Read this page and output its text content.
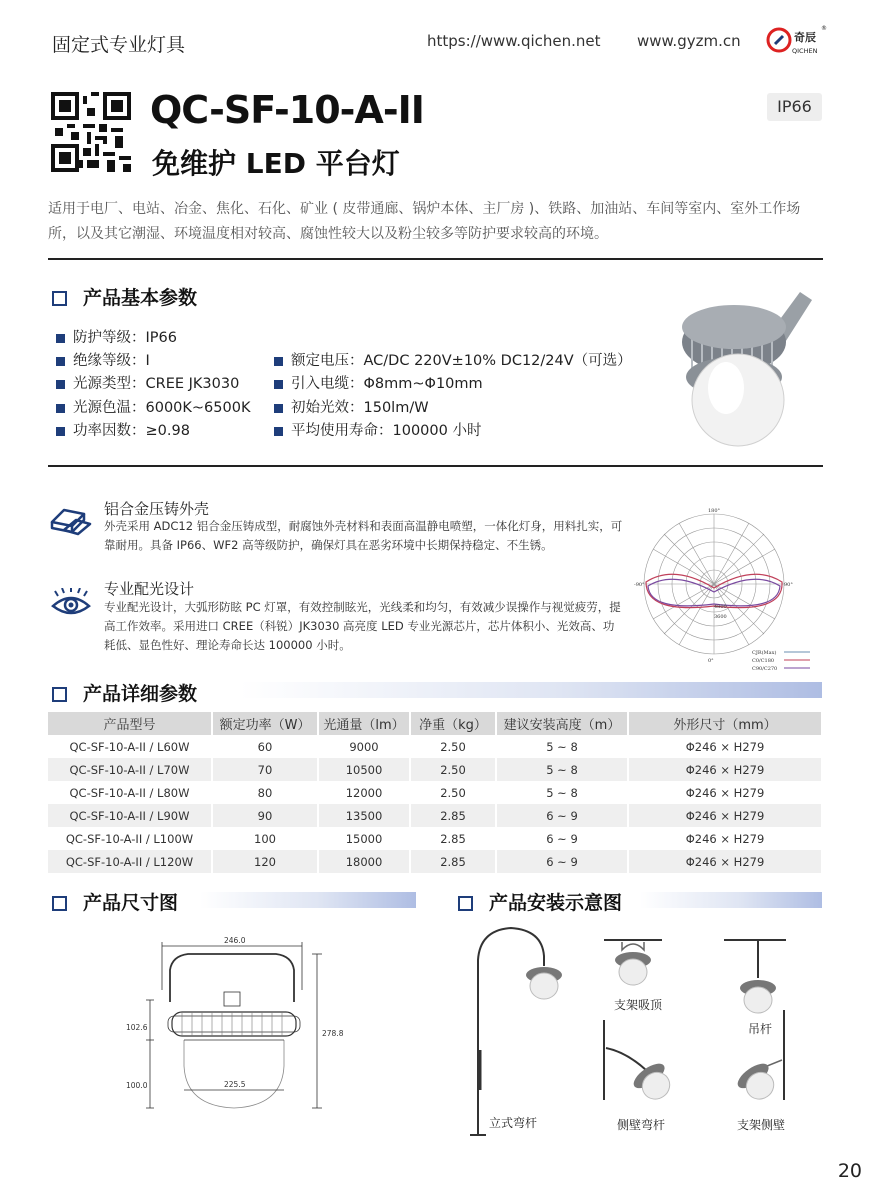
固定式专业灯具	https://www.qichen.net www.gyzm.cn	奇辰
QICHEN
®
QC-SF-10-A-II
免维护 LED 平台灯
IP66
适用于电厂、电站、冶金、焦化、石化、矿业 ( 皮带通廊、锅炉本体、主厂房 )、铁路、加油站、车间等室内、室外工作场所，以及其它潮湿、环境温度相对较高、腐蚀性较大以及粉尘较多等防护要求较高的环境。
产品基本参数
防护等级：IP66
绝缘等级：I
光源类型：CREE JK3030
光源色温：6000K~6500K
功率因数：≥0.98
额定电压：AC/DC 220V±10% DC12/24V（可选）
引入电缆：Φ8mm~Φ10mm
初始光效：150lm/W
平均使用寿命：100000 小时
铝合金压铸外壳
外壳采用 ADC12 铝合金压铸成型，耐腐蚀外壳材料和表面高温静电喷塑，一体化灯身，用料扎实，可靠耐用。具备 IP66、WF2 高等级防护，确保灯具在恶劣环境中长期保持稳定、不生锈。
专业配光设计
专业配光设计，大弧形防眩 PC 灯罩，有效控制眩光，光线柔和均匀，有效减少误操作与视觉疲劳，提高工作效率。采用进口 CREE（科锐）JK3030 高亮度 LED 专业光源芯片，芯片体积小、光效高、功耗低、显色性好、理论寿命长达 100000 小时。
180°
0°
-90°	90°
4800
3600
CJR(Max)
C0/C180
C90/C270
产品详细参数
产品型号	额定功率（W）	光通量（lm）	净重（kg）	建议安装高度（m）	外形尺寸（mm）
QC-SF-10-A-II / L60W	60	9000	2.50	5 ~ 8	Φ246 × H279
QC-SF-10-A-II / L70W	70	10500	2.50	5 ~ 8	Φ246 × H279
QC-SF-10-A-II / L80W	80	12000	2.50	5 ~ 8	Φ246 × H279
QC-SF-10-A-II / L90W	90	13500	2.85	6 ~ 9	Φ246 × H279
QC-SF-10-A-II / L100W	100	15000	2.85	6 ~ 9	Φ246 × H279
QC-SF-10-A-II / L120W	120	18000	2.85	6 ~ 9	Φ246 × H279
产品尺寸图
246.0
278.8
102.6
100.0	225.5
产品安装示意图
立式弯杆
支架吸顶
吊杆
侧壁弯杆	支架侧壁
20
